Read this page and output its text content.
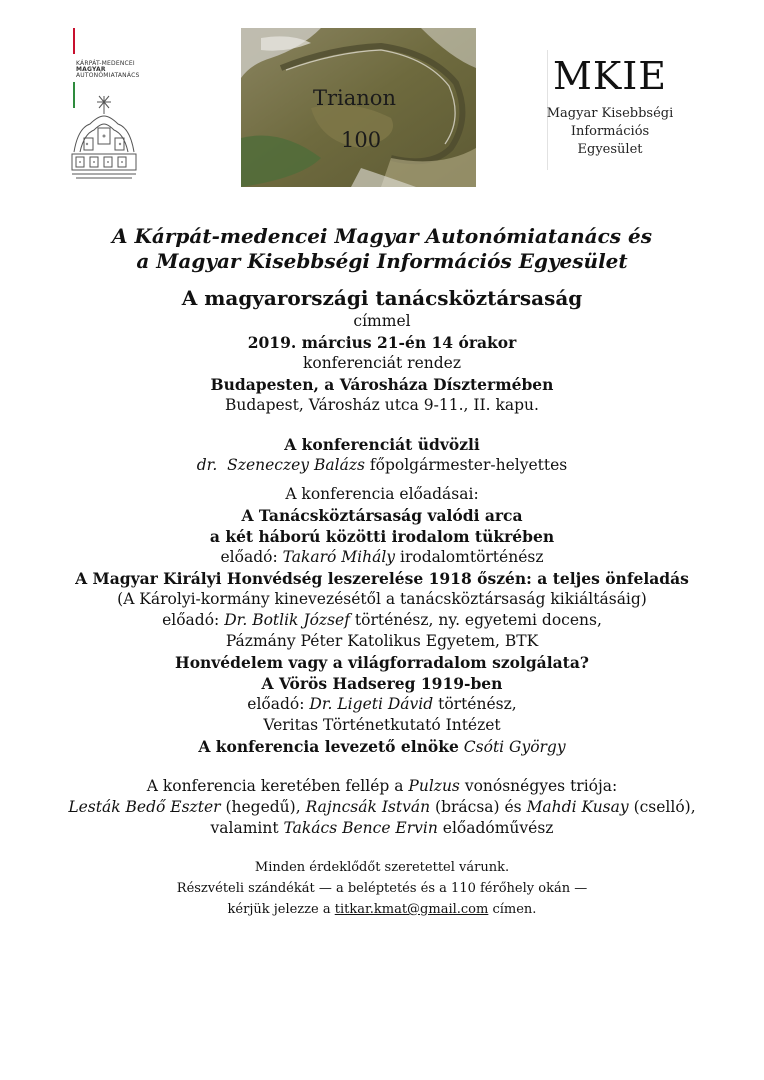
KÁRPÁT-MEDENCEI
MAGYAR
AUTONÓMIATANÁCS
Trianon
100
MKIE
Magyar Kisebbségi
Információs
Egyesület
A Kárpát-medencei Magyar Autonómiatanács és
a Magyar Kisebbségi Információs Egyesület
A magyarországi tanácsköztársaság
címmel
2019. március 21-én 14 órakor
konferenciát rendez
Budapesten, a Városháza Dísztermében
Budapest, Városház utca 9-11., II. kapu.
A konferenciát üdvözli
dr. Szeneczey Balázs főpolgármester-helyettes
A konferencia előadásai:
A Tanácsköztársaság valódi arca
a két háború közötti irodalom tükrében
előadó: Takaró Mihály irodalomtörténész
A Magyar Királyi Honvédség leszerelése 1918 őszén: a teljes önfeladás
(A Károlyi-kormány kinevezésétől a tanácsköztársaság kikiáltásáig)
előadó: Dr. Botlik József történész, ny. egyetemi docens,
Pázmány Péter Katolikus Egyetem, BTK
Honvédelem vagy a világforradalom szolgálata?
A Vörös Hadsereg 1919-ben
előadó: Dr. Ligeti Dávid történész,
Veritas Történetkutató Intézet
A konferencia levezető elnöke Csóti György
A konferencia keretében fellép a Pulzus vonósnégyes triója:
Lesták Bedő Eszter (hegedű), Rajncsák István (brácsa) és Mahdi Kusay (cselló),
valamint Takács Bence Ervin előadóművész
Minden érdeklődőt szeretettel várunk.
Részvételi szándékát — a beléptetés és a 110 férőhely okán —
kérjük jelezze a titkar.kmat@gmail.com címen.
